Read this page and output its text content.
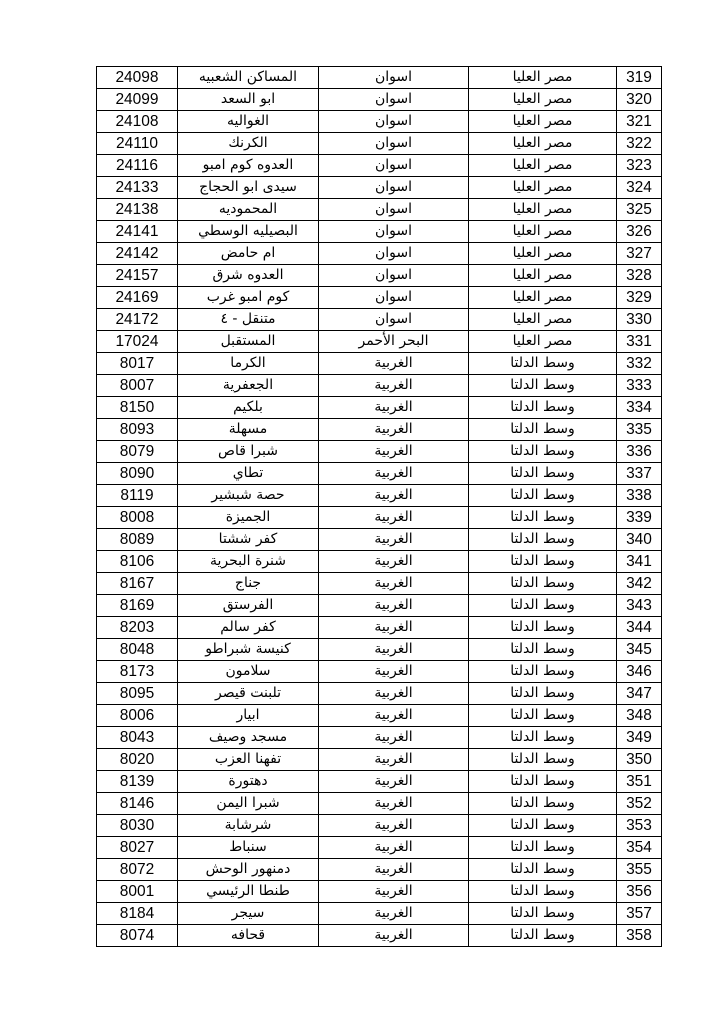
24098	المساكن الشعبيه	اسوان	مصر العليا	319
24099	ابو السعد	اسوان	مصر العليا	320
24108	الغواليه	اسوان	مصر العليا	321
24110	الكرنك	اسوان	مصر العليا	322
24116	العدوه كوم امبو	اسوان	مصر العليا	323
24133	سيدى ابو الحجاج	اسوان	مصر العليا	324
24138	المحموديه	اسوان	مصر العليا	325
24141	البصيليه الوسطي	اسوان	مصر العليا	326
24142	ام حامض	اسوان	مصر العليا	327
24157	العدوه شرق	اسوان	مصر العليا	328
24169	كوم امبو غرب	اسوان	مصر العليا	329
24172	متنقل - ٤	اسوان	مصر العليا	330
17024	المستقبل	البحر الأحمر	مصر العليا	331
8017	الكرما	الغربية	وسط الدلتا	332
8007	الجعفرية	الغربية	وسط الدلتا	333
8150	بلكيم	الغربية	وسط الدلتا	334
8093	مسهلة	الغربية	وسط الدلتا	335
8079	شبرا قاص	الغربية	وسط الدلتا	336
8090	تطاي	الغربية	وسط الدلتا	337
8119	حصة شبشير	الغربية	وسط الدلتا	338
8008	الجميزة	الغربية	وسط الدلتا	339
8089	كفر ششتا	الغربية	وسط الدلتا	340
8106	شنرة البحرية	الغربية	وسط الدلتا	341
8167	جناج	الغربية	وسط الدلتا	342
8169	الفرستق	الغربية	وسط الدلتا	343
8203	كفر سالم	الغربية	وسط الدلتا	344
8048	كنيسة شبراطو	الغربية	وسط الدلتا	345
8173	سلامون	الغربية	وسط الدلتا	346
8095	تلبنت قيصر	الغربية	وسط الدلتا	347
8006	ابيار	الغربية	وسط الدلتا	348
8043	مسجد وصيف	الغربية	وسط الدلتا	349
8020	تفهنا العزب	الغربية	وسط الدلتا	350
8139	دهتورة	الغربية	وسط الدلتا	351
8146	شبرا اليمن	الغربية	وسط الدلتا	352
8030	شرشابة	الغربية	وسط الدلتا	353
8027	سنباط	الغربية	وسط الدلتا	354
8072	دمنهور الوحش	الغربية	وسط الدلتا	355
8001	طنطا الرئيسي	الغربية	وسط الدلتا	356
8184	سيجر	الغربية	وسط الدلتا	357
8074	قحافه	الغربية	وسط الدلتا	358
